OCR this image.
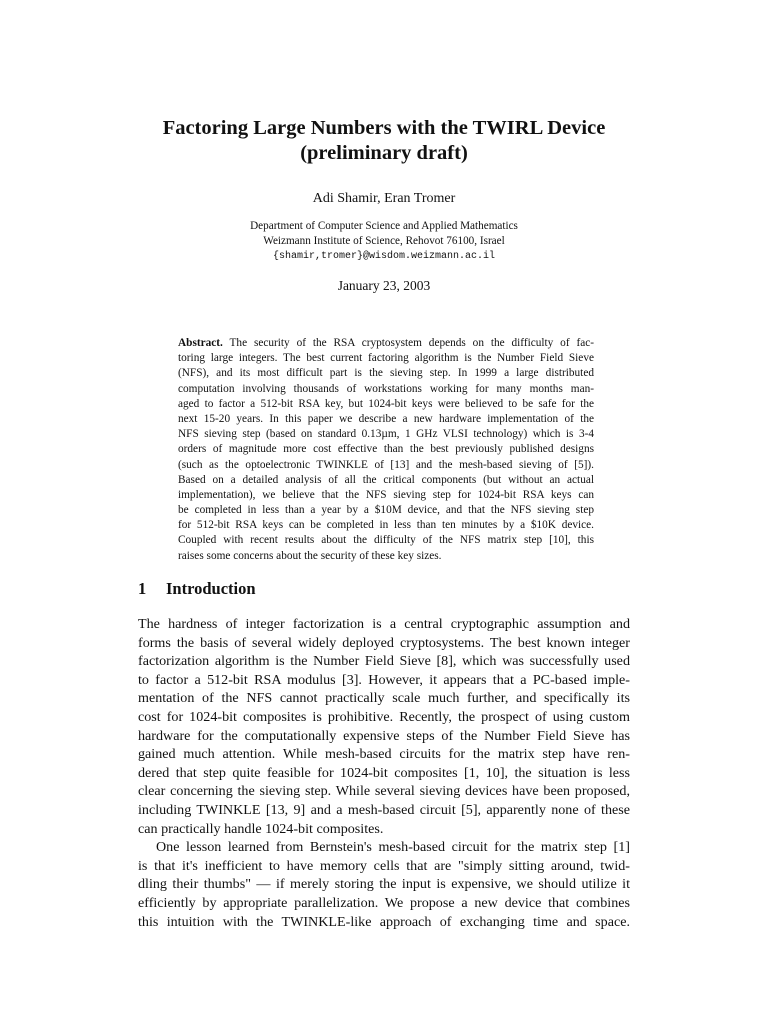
Factoring Large Numbers with the TWIRL Device
(preliminary draft)
Adi Shamir, Eran Tromer
Department of Computer Science and Applied Mathematics
Weizmann Institute of Science, Rehovot 76100, Israel
{shamir,tromer}@wisdom.weizmann.ac.il
January 23, 2003
Abstract. The security of the RSA cryptosystem depends on the difficulty of fac-
toring large integers. The best current factoring algorithm is the Number Field Sieve
(NFS), and its most difficult part is the sieving step. In 1999 a large distributed
computation involving thousands of workstations working for many months man-
aged to factor a 512-bit RSA key, but 1024-bit keys were believed to be safe for the
next 15-20 years. In this paper we describe a new hardware implementation of the
NFS sieving step (based on standard 0.13µm, 1 GHz VLSI technology) which is 3-4
orders of magnitude more cost effective than the best previously published designs
(such as the optoelectronic TWINKLE of [13] and the mesh-based sieving of [5]).
Based on a detailed analysis of all the critical components (but without an actual
implementation), we believe that the NFS sieving step for 1024-bit RSA keys can
be completed in less than a year by a $10M device, and that the NFS sieving step
for 512-bit RSA keys can be completed in less than ten minutes by a $10K device.
Coupled with recent results about the difficulty of the NFS matrix step [10], this
raises some concerns about the security of these key sizes.
1 Introduction
The hardness of integer factorization is a central cryptographic assumption and
forms the basis of several widely deployed cryptosystems. The best known integer
factorization algorithm is the Number Field Sieve [8], which was successfully used
to factor a 512-bit RSA modulus [3]. However, it appears that a PC-based imple-
mentation of the NFS cannot practically scale much further, and specifically its
cost for 1024-bit composites is prohibitive. Recently, the prospect of using custom
hardware for the computationally expensive steps of the Number Field Sieve has
gained much attention. While mesh-based circuits for the matrix step have ren-
dered that step quite feasible for 1024-bit composites [1, 10], the situation is less
clear concerning the sieving step. While several sieving devices have been proposed,
including TWINKLE [13, 9] and a mesh-based circuit [5], apparently none of these
can practically handle 1024-bit composites.
One lesson learned from Bernstein's mesh-based circuit for the matrix step [1]
is that it's inefficient to have memory cells that are "simply sitting around, twid-
dling their thumbs" — if merely storing the input is expensive, we should utilize it
efficiently by appropriate parallelization. We propose a new device that combines
this intuition with the TWINKLE-like approach of exchanging time and space.
